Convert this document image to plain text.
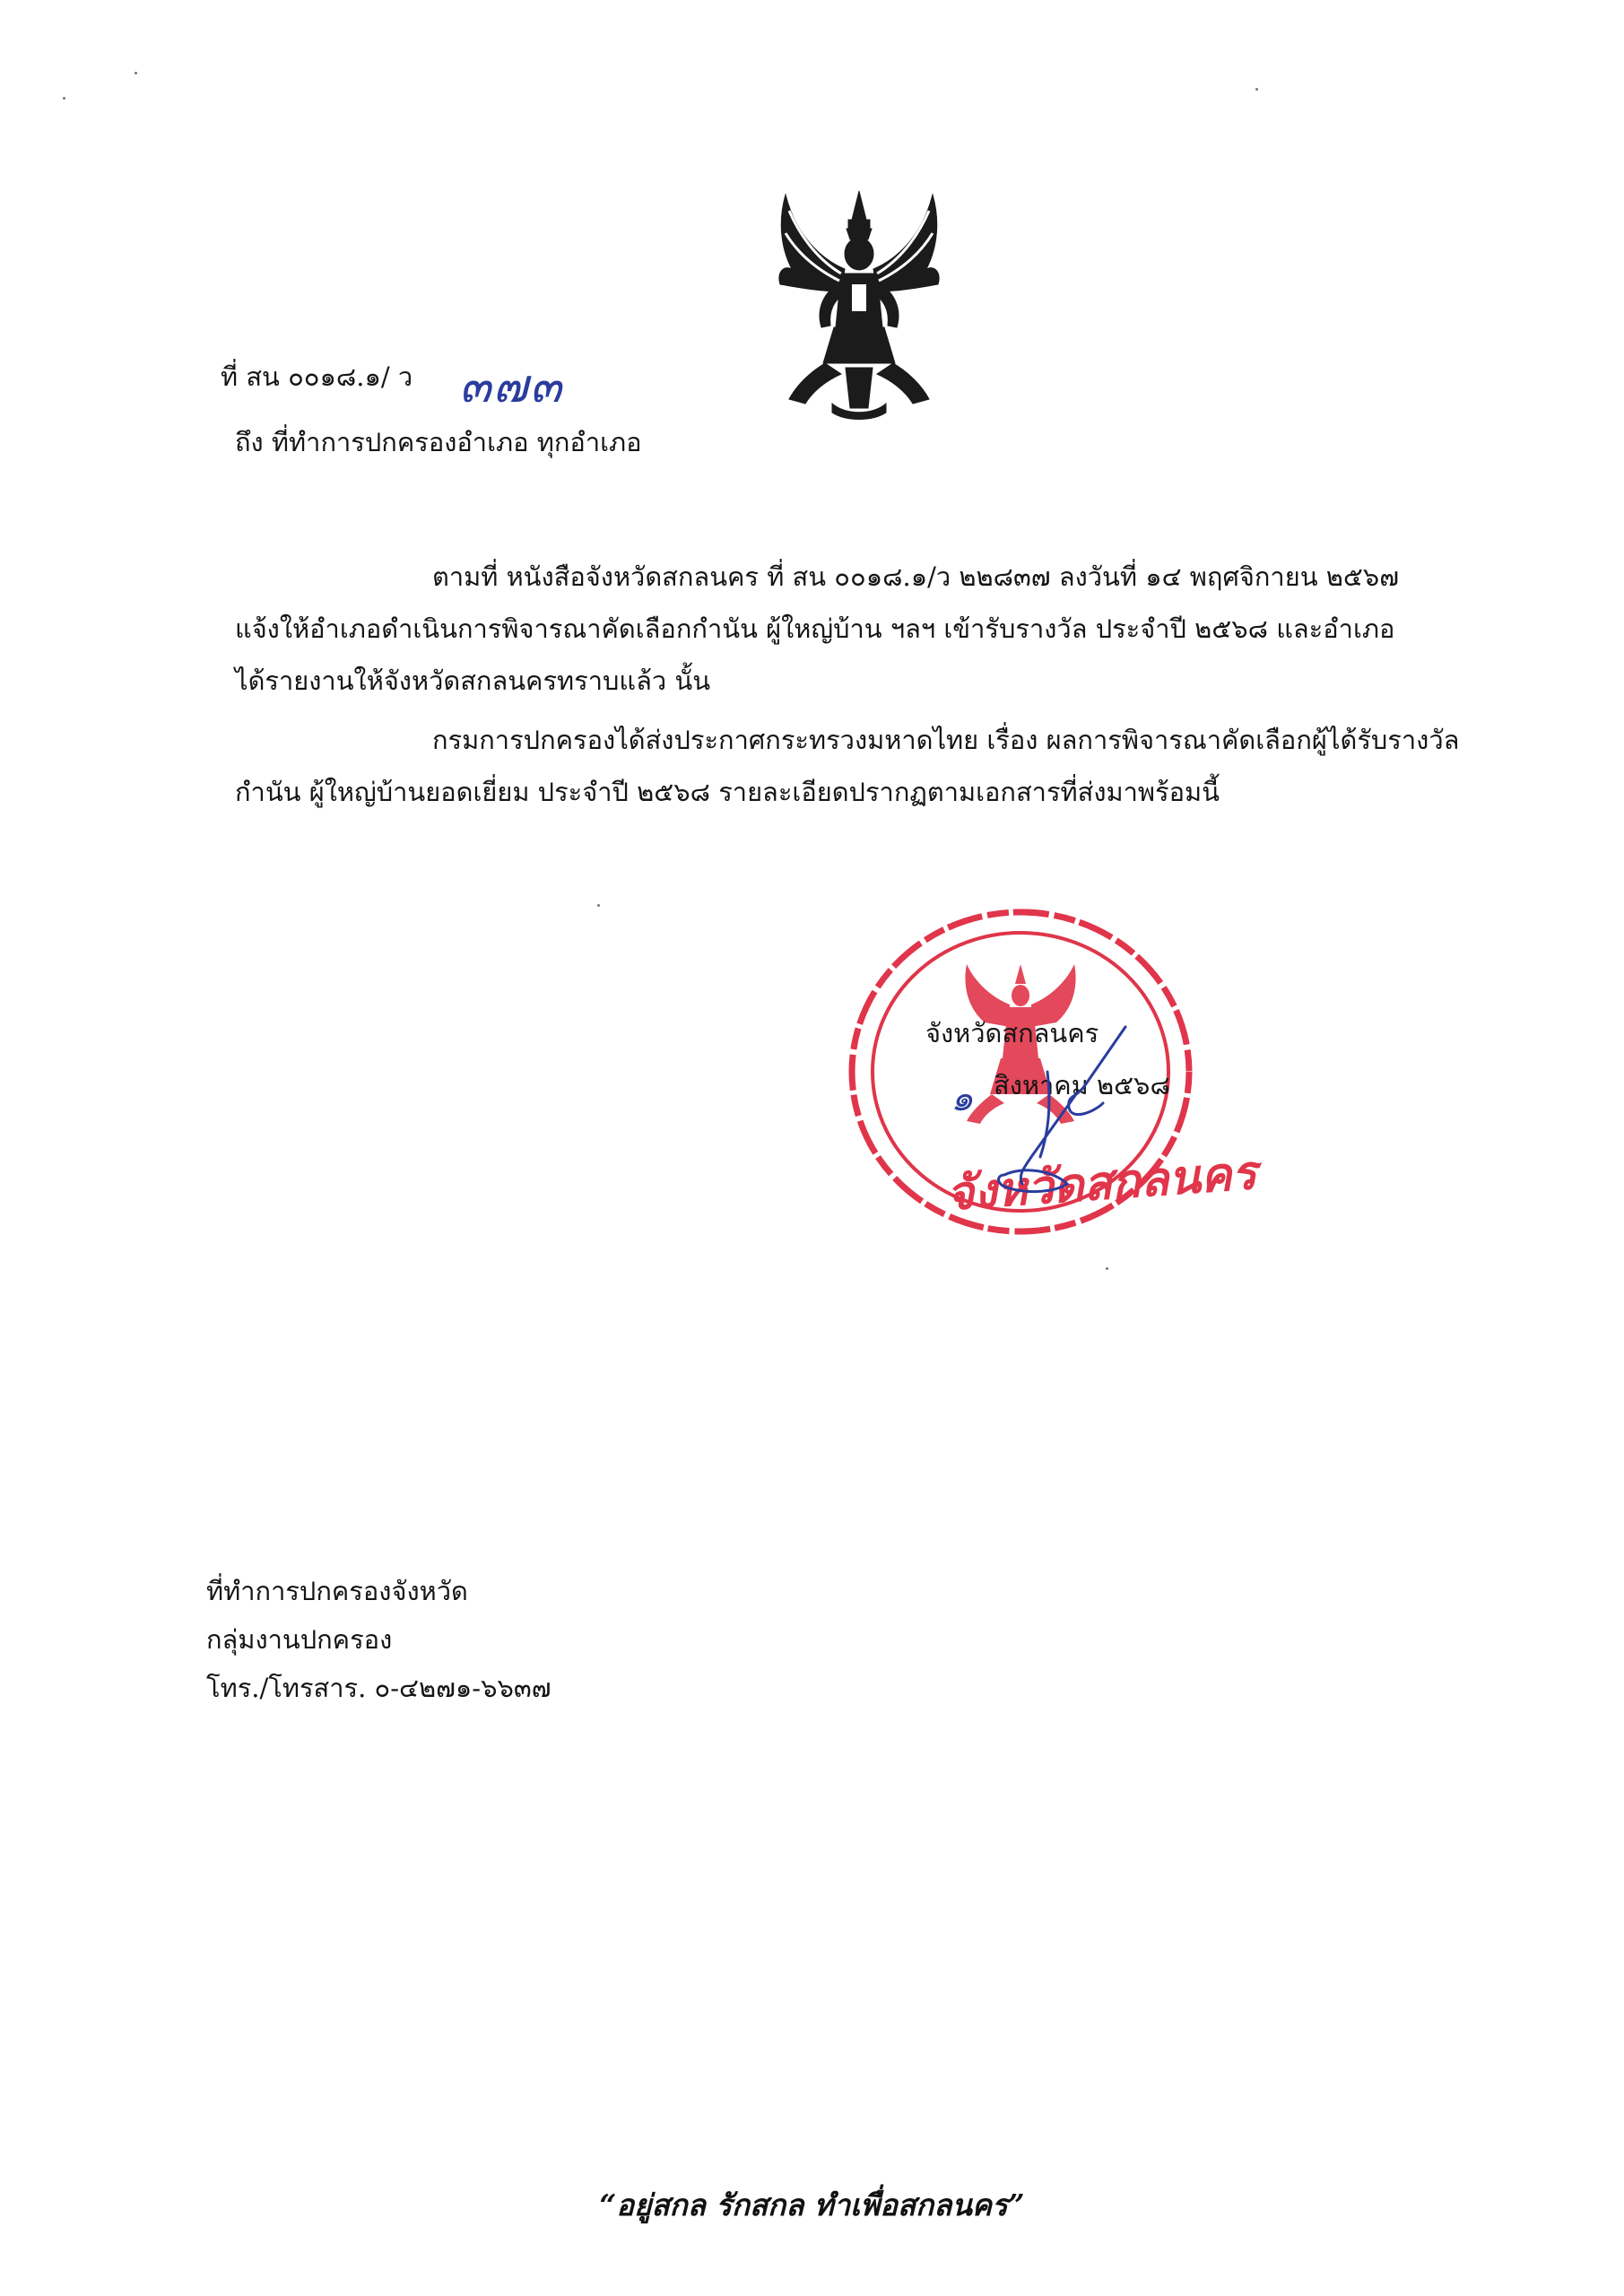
ที่ สน ๐๐๑๘.๑/ ว ๓๗๓
ถึง ที่ทำการปกครองอำเภอ ทุกอำเภอ
ตามที่ หนังสือจังหวัดสกลนคร ที่ สน ๐๐๑๘.๑/ว ๒๒๘๓๗ ลงวันที่ ๑๔ พฤศจิกายน ๒๕๖๗
แจ้งให้อำเภอดำเนินการพิจารณาคัดเลือกกำนัน ผู้ใหญ่บ้าน ฯลฯ เข้ารับรางวัล ประจำปี ๒๕๖๘ และอำเภอ
ได้รายงานให้จังหวัดสกลนครทราบแล้ว นั้น
กรมการปกครองได้ส่งประกาศกระทรวงมหาดไทย เรื่อง ผลการพิจารณาคัดเลือกผู้ได้รับรางวัล
กำนัน ผู้ใหญ่บ้านยอดเยี่ยม ประจำปี ๒๕๖๘ รายละเอียดปรากฏตามเอกสารที่ส่งมาพร้อมนี้
จังหวัดสกลนคร
จังหวัดสกลนคร
๑ สิงหาคม ๒๕๖๘
ที่ทำการปกครองจังหวัด
กลุ่มงานปกครอง
โทร./โทรสาร. ๐-๔๒๗๑-๖๖๓๗
“อยู่สกล รักสกล ทำเพื่อสกลนคร”
